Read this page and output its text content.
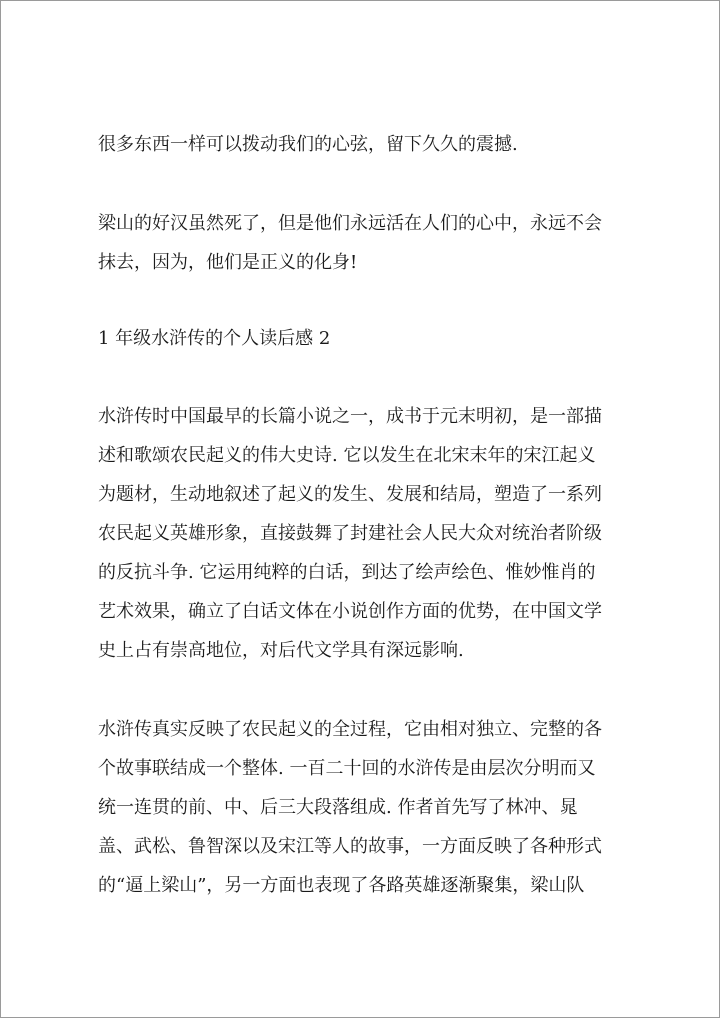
很多东西一样可以拨动我们的心弦，留下久久的震撼.
梁山的好汉虽然死了，但是他们永远活在人们的心中，永远不会
抹去，因为，他们是正义的化身!
1 年级水浒传的个人读后感 2
水浒传时中国最早的长篇小说之一，成书于元末明初，是一部描
述和歌颂农民起义的伟大史诗. 它以发生在北宋末年的宋江起义
为题材，生动地叙述了起义的发生、发展和结局，塑造了一系列
农民起义英雄形象，直接鼓舞了封建社会人民大众对统治者阶级
的反抗斗争. 它运用纯粹的白话，到达了绘声绘色、惟妙惟肖的
艺术效果，确立了白话文体在小说创作方面的优势，在中国文学
史上占有崇高地位，对后代文学具有深远影响.
水浒传真实反映了农民起义的全过程，它由相对独立、完整的各
个故事联结成一个整体. 一百二十回的水浒传是由层次分明而又
统一连贯的前、中、后三大段落组成. 作者首先写了林冲、晁
盖、武松、鲁智深以及宋江等人的故事，一方面反映了各种形式
的“逼上梁山”，另一方面也表现了各路英雄逐渐聚集，梁山队
